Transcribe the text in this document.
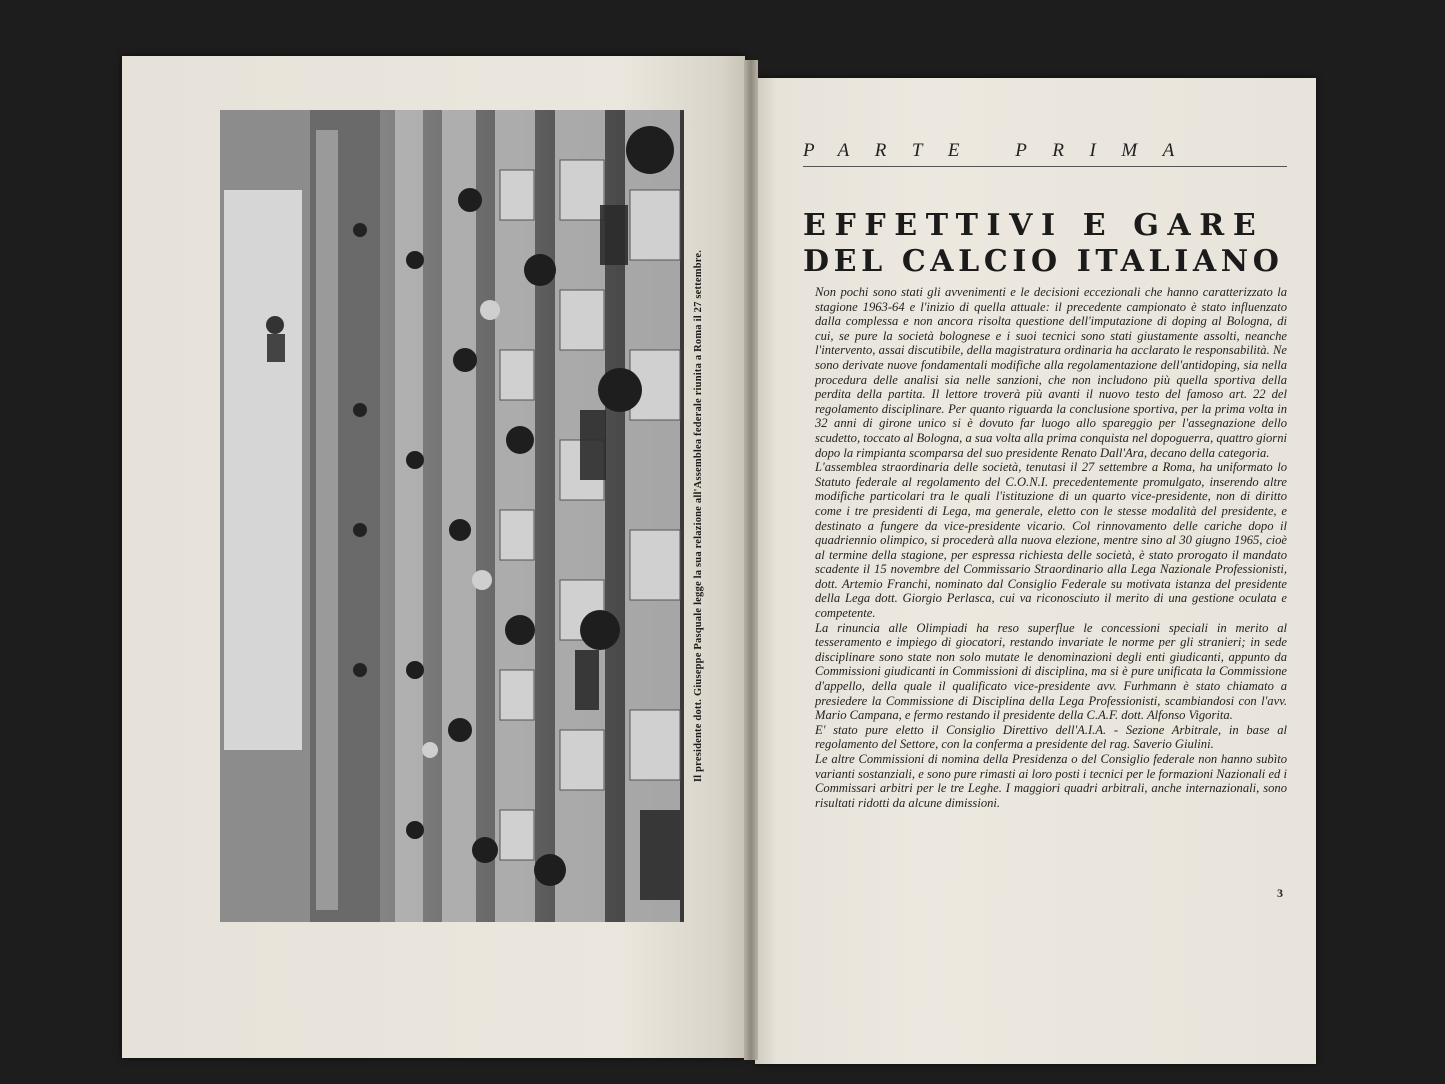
Il presidente dott. Giuseppe Pasquale legge la sua relazione all'Assemblea federale riunita a Roma il 27 settembre.
PARTE PRIMA
EFFETTIVI E GARE
DEL CALCIO ITALIANO

Non pochi sono stati gli avvenimenti e le decisioni eccezionali che hanno caratterizzato la stagione 1963-64 e l'inizio di quella attuale: il precedente campionato è stato influenzato dalla complessa e non ancora risolta questione dell'imputazione di doping al Bologna, di cui, se pure la società bolognese e i suoi tecnici sono stati giustamente assolti, neanche l'intervento, assai discutibile, della magistratura ordinaria ha acclarato le responsabilità. Ne sono derivate nuove fondamentali modifiche alla regolamentazione dell'antidoping, sia nella procedura delle analisi sia nelle sanzioni, che non includono più quella sportiva della perdita della partita. Il lettore troverà più avanti il nuovo testo del famoso art. 22 del regolamento disciplinare. Per quanto riguarda la conclusione sportiva, per la prima volta in 32 anni di girone unico si è dovuto far luogo allo spareggio per l'assegnazione dello scudetto, toccato al Bologna, a sua volta alla prima conquista nel dopoguerra, quattro giorni dopo la rimpianta scomparsa del suo presidente Renato Dall'Ara, decano della categoria.

L'assemblea straordinaria delle società, tenutasi il 27 settembre a Roma, ha uniformato lo Statuto federale al regolamento del C.O.N.I. precedentemente promulgato, inserendo altre modifiche particolari tra le quali l'istituzione di un quarto vice-presidente, non di diritto come i tre presidenti di Lega, ma generale, eletto con le stesse modalità del presidente, e destinato a fungere da vice-presidente vicario. Col rinnovamento delle cariche dopo il quadriennio olimpico, si procederà alla nuova elezione, mentre sino al 30 giugno 1965, cioè al termine della stagione, per espressa richiesta delle società, è stato prorogato il mandato scadente il 15 novembre del Commissario Straordinario alla Lega Nazionale Professionisti, dott. Artemio Franchi, nominato dal Consiglio Federale su motivata istanza del presidente della Lega dott. Giorgio Perlasca, cui va riconosciuto il merito di una gestione oculata e competente.

La rinuncia alle Olimpiadi ha reso superflue le concessioni speciali in merito al tesseramento e impiego di giocatori, restando invariate le norme per gli stranieri; in sede disciplinare sono state non solo mutate le denominazioni degli enti giudicanti, appunto da Commissioni giudicanti in Commissioni di disciplina, ma si è pure unificata la Commissione d'appello, della quale il qualificato vice-presidente avv. Furhmann è stato chiamato a presiedere la Commissione di Disciplina della Lega Professionisti, scambiandosi con l'avv. Mario Campana, e fermo restando il presidente della C.A.F. dott. Alfonso Vigorita.

E' stato pure eletto il Consiglio Direttivo dell'A.I.A. - Sezione Arbitrale, in base al regolamento del Settore, con la conferma a presidente del rag. Saverio Giulini.

Le altre Commissioni di nomina della Presidenza o del Consiglio federale non hanno subìto varianti sostanziali, e sono pure rimasti ai loro posti i tecnici per le formazioni Nazionali ed i Commissari arbitri per le tre Leghe. I maggiori quadri arbitrali, anche internazionali, sono risultati ridotti da alcune dimissioni.

3
